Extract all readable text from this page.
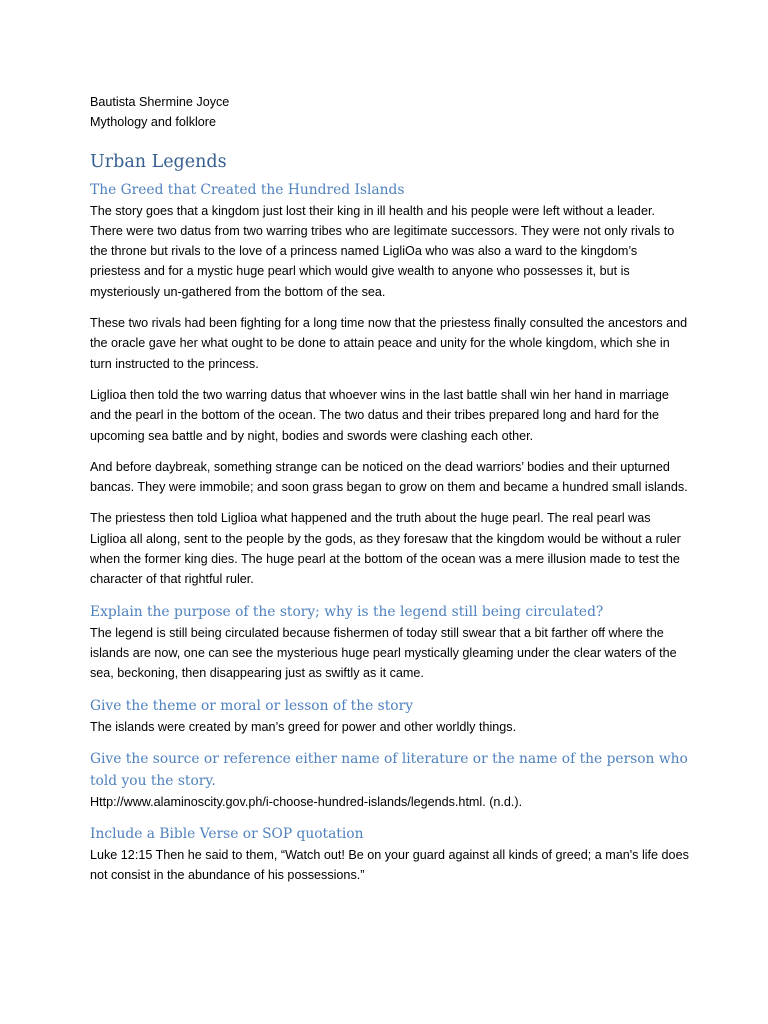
Bautista Shermine Joyce

Mythology and folklore

Urban Legends
The Greed that Created the Hundred Islands

The story goes that a kingdom just lost their king in ill health and his people were left without a leader. There were two datus from two warring tribes who are legitimate successors. They were not only rivals to the throne but rivals to the love of a princess named LigliOa who was also a ward to the kingdom’s priestess and for a mystic huge pearl which would give wealth to anyone who possesses it, but is mysteriously un-gathered from the bottom of the sea.

These two rivals had been fighting for a long time now that the priestess finally consulted the ancestors and the oracle gave her what ought to be done to attain peace and unity for the whole kingdom, which she in turn instructed to the princess.

Liglioa then told the two warring datus that whoever wins in the last battle shall win her hand in marriage and the pearl in the bottom of the ocean. The two datus and their tribes prepared long and hard for the upcoming sea battle and by night, bodies and swords were clashing each other.

And before daybreak, something strange can be noticed on the dead warriors’ bodies and their upturned bancas. They were immobile; and soon grass began to grow on them and became a hundred small islands.

The priestess then told Liglioa what happened and the truth about the huge pearl. The real pearl was Liglioa all along, sent to the people by the gods, as they foresaw that the kingdom would be without a ruler when the former king dies. The huge pearl at the bottom of the ocean was a mere illusion made to test the character of that rightful ruler.

Explain the purpose of the story; why is the legend still being circulated?

The legend is still being circulated because fishermen of today still swear that a bit farther off where the islands are now, one can see the mysterious huge pearl mystically gleaming under the clear waters of the sea, beckoning, then disappearing just as swiftly as it came.

Give the theme or moral or lesson of the story

The islands were created by man’s greed for power and other worldly things.

Give the source or reference either name of literature or the name of the person who told you the story.

Http://www.alaminoscity.gov.ph/i-choose-hundred-islands/legends.html. (n.d.).

Include a Bible Verse or SOP quotation

Luke 12:15 Then he said to them, “Watch out! Be on your guard against all kinds of greed; a man's life does not consist in the abundance of his possessions.”
